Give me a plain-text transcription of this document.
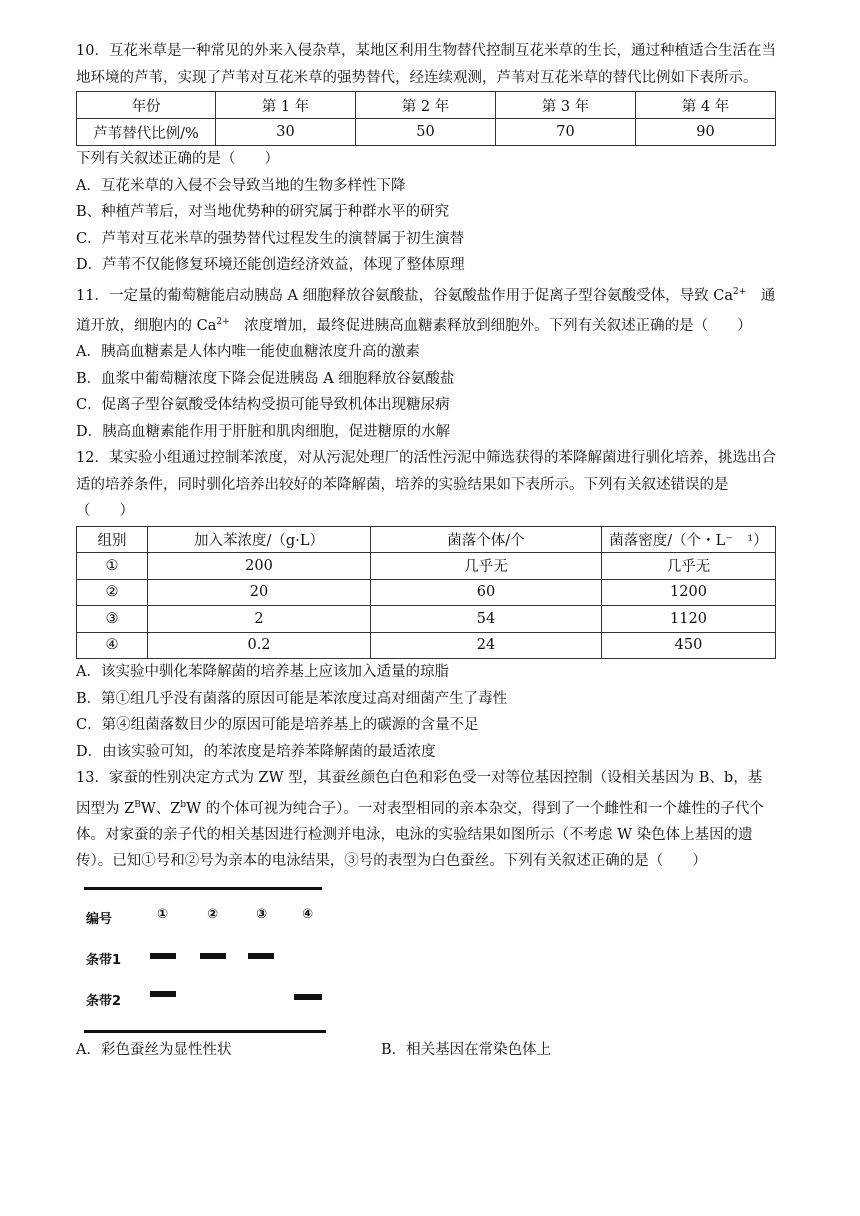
10．互花米草是一种常见的外来入侵杂草，某地区利用生物替代控制互花米草的生长，通过种植适合生活在当地环境的芦苇，实现了芦苇对互花米草的强势替代，经连续观测，芦苇对互花米草的替代比例如下表所示。

年份	第 1 年	第 2 年	第 3 年	第 4 年
芦苇替代比例/%	30	50	70	90

下列有关叙述正确的是（　　）

A．互花米草的入侵不会导致当地的生物多样性下降

B、种植芦苇后，对当地优势种的研究属于种群水平的研究

C．芦苇对互花米草的强势替代过程发生的演替属于初生演替

D．芦苇不仅能修复环境还能创造经济效益，体现了整体原理

11．一定量的葡萄糖能启动胰岛 A 细胞释放谷氨酸盐，谷氨酸盐作用于促离子型谷氨酸受体，导致 $Ca^{2+}$　通道开放，细胞内的 $Ca^{2+}$　浓度增加，最终促进胰高血糖素释放到细胞外。下列有关叙述正确的是（　　）

A．胰高血糖素是人体内唯一能使血糖浓度升高的激素

B．血浆中葡萄糖浓度下降会促进胰岛 A 细胞释放谷氨酸盐

C．促离子型谷氨酸受体结构受损可能导致机体出现糖尿病

D．胰高血糖素能作用于肝脏和肌肉细胞，促进糖原的水解

12．某实验小组通过控制苯浓度，对从污泥处理厂的活性污泥中筛选获得的苯降解菌进行驯化培养，挑选出合适的培养条件，同时驯化培养出较好的苯降解菌，培养的实验结果如下表所示。下列有关叙述错误的是（　　）

组别	加入苯浓度/（g·L）	菌落个体/个	菌落密度/（个・L⁻　¹）
①	200	几乎无	几乎无
②	20	60	1200
③	2	54	1120
④	0.2	24	450

A．该实验中驯化苯降解菌的培养基上应该加入适量的琼脂

B．第①组几乎没有菌落的原因可能是苯浓度过高对细菌产生了毒性

C．第④组菌落数目少的原因可能是培养基上的碳源的含量不足

D．由该实验可知，的苯浓度是培养苯降解菌的最适浓度

13．家蚕的性别决定方式为 ZW 型，其蚕丝颜色白色和彩色受一对等位基因控制（设相关基因为 B、b，基因型为 $Z^BW$、$Z^bW$ 的个体可视为纯合子）。一对表型相同的亲本杂交，得到了一个雌性和一个雄性的子代个体。对家蚕的亲子代的相关基因进行检测并电泳，电泳的实验结果如图所示（不考虑 W 染色体上基因的遗传）。已知①号和②号为亲本的电泳结果，③号的表型为白色蚕丝。下列有关叙述正确的是（　　）

编号	①	②	③	④
条带1
条带2

A．彩色蚕丝为显性性状	B．相关基因在常染色体上
